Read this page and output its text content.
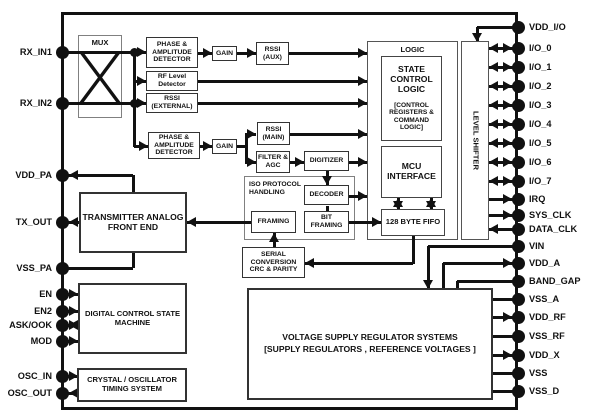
MUX
ISO PROTOCOL HANDLING
LOGIC
PHASE & AMPLITUDE DETECTOR
GAIN
RSSI (AUX)
RF Level Detector
RSSI (EXTERNAL)
PHASE & AMPLITUDE DETECTOR
GAIN
RSSI (MAIN)
FILTER & AGC
DIGITIZER
DECODER
FRAMING
BIT FRAMING
SERIAL CONVERSION CRC & PARITY
STATE CONTROL LOGIC
[CONTROL REGISTERS & COMMAND LOGIC]
MCU INTERFACE
128 BYTE FIFO
LEVEL SHIFTER
TRANSMITTER ANALOG FRONT END
DIGITAL CONTROL STATE MACHINE
CRYSTAL / OSCILLATOR TIMING SYSTEM
VOLTAGE SUPPLY REGULATOR SYSTEMS
[SUPPLY REGULATORS , REFERENCE VOLTAGES ]
RX_IN1
RX_IN2
VDD_PA
TX_OUT
VSS_PA
EN
EN2
ASK/OOK
MOD
OSC_IN
OSC_OUT
VDD_I/O
I/O_0
I/O_1
I/O_2
I/O_3
I/O_4
I/O_5
I/O_6
I/O_7
IRQ
SYS_CLK
DATA_CLK
VIN
VDD_A
BAND_GAP
VSS_A
VDD_RF
VSS_RF
VDD_X
VSS
VSS_D
